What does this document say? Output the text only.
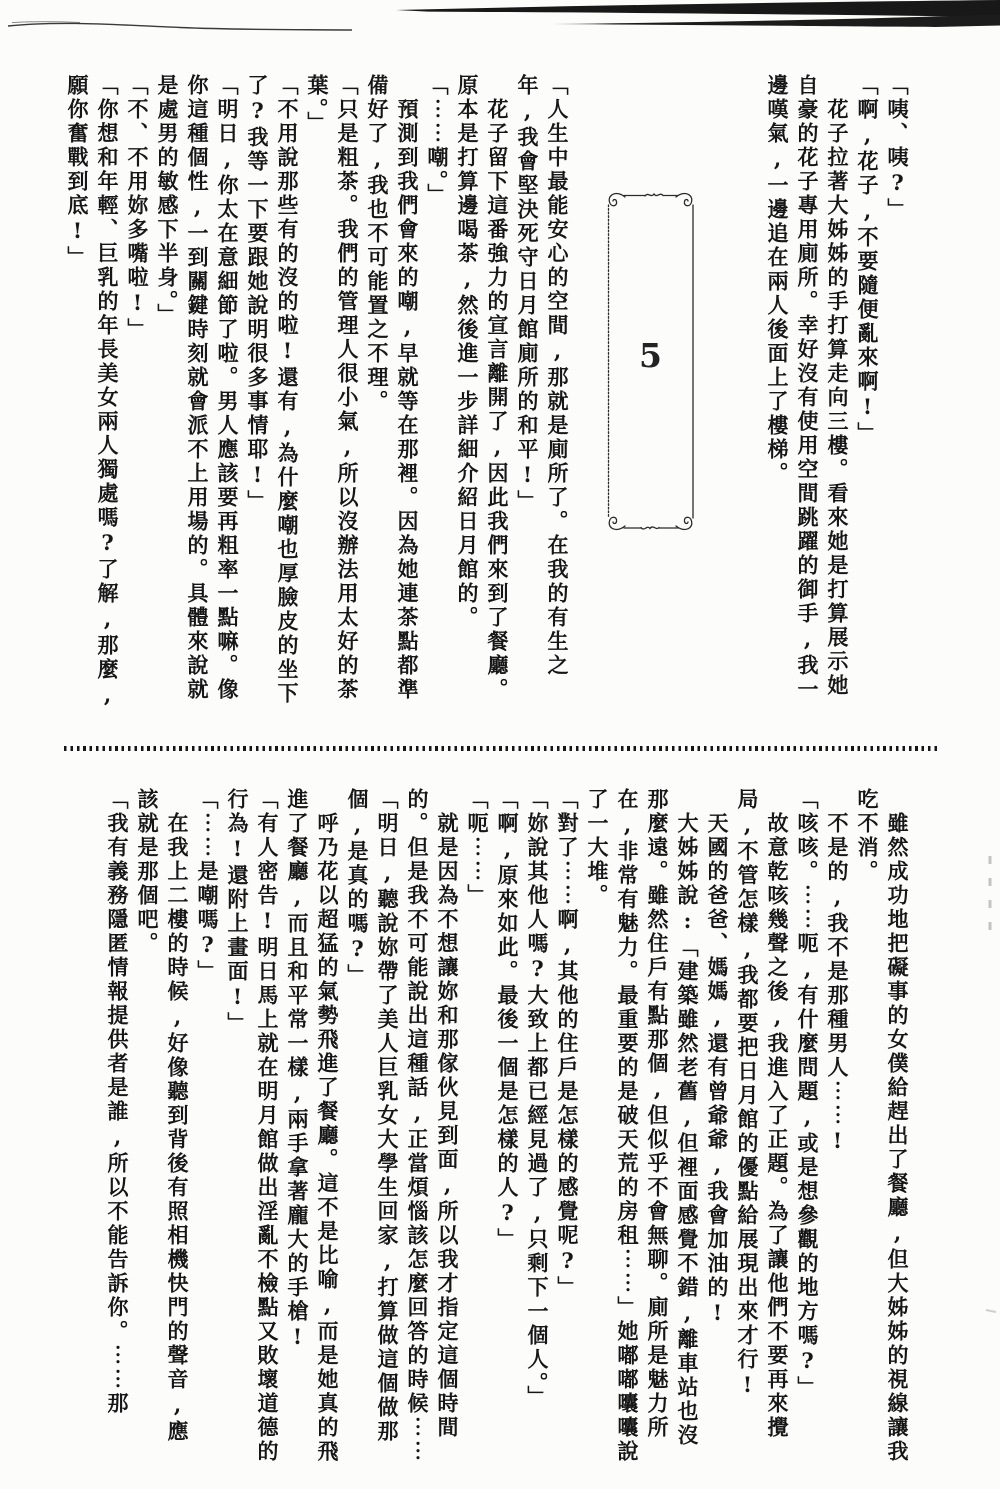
「咦、咦?」

「啊,花子,不要隨便亂來啊!」

花子拉著大姊姊的手打算走向三樓。看來她是打算展示她自豪的花子專用廁所。幸好沒有使用空間跳躍的御手,我一邊嘆氣,一邊追在兩人後面上了樓梯。

5

「人生中最能安心的空間,那就是廁所了。在我的有生之年,我會堅決死守日月館廁所的和平!」

花子留下這番強力的宣言離開了,因此我們來到了餐廳。原本是打算邊喝茶,然後進一步詳細介紹日月館的。

「⋯⋯嘲。」

預測到我們會來的嘲,早就等在那裡。因為她連茶點都準備好了,我也不可能置之不理。

「只是粗茶。我們的管理人很小氣,所以沒辦法用太好的茶葉。」

「不用說那些有的沒的啦!還有,為什麼嘲也厚臉皮的坐下了?我等一下要跟她說明很多事情耶!」

「明日,你太在意細節了啦。男人應該要再粗率一點嘛。像你這種個性,一到關鍵時刻就會派不上用場的。具體來說就是處男的敏感下半身。」

「不、不用妳多嘴啦!」

「你想和年輕、巨乳的年長美女兩人獨處嗎?了解,那麼,願你奮戰到底!」

雖然成功地把礙事的女僕給趕出了餐廳,但大姊姊的視線讓我吃不消。

不是的,我不是那種男人⋯⋯!

「咳咳。⋯⋯呃,有什麼問題,或是想參觀的地方嗎?」

故意乾咳幾聲之後,我進入了正題。為了讓他們不要再來攪局,不管怎樣,我都要把日月館的優點給展現出來才行!

天國的爸爸、媽媽,還有曾爺爺,我會加油的!

大姊姊說:「建築雖然老舊,但裡面感覺不錯,離車站也沒那麼遠。雖然住戶有點那個,但似乎不會無聊。廁所是魅力所在,非常有魅力。最重要的是破天荒的房租⋯⋯」她嘟嘟囔囔說了一大堆。

「對了⋯⋯啊,其他的住戶是怎樣的感覺呢?」

「妳說其他人嗎?大致上都已經見過了,只剩下一個人。」

「啊,原來如此。最後一個是怎樣的人?」

「呃⋯⋯」

就是因為不想讓妳和那傢伙見到面,所以我才指定這個時間的。但是我不可能說出這種話,正當煩惱該怎麼回答的時候⋯⋯

「明日,聽說妳帶了美人巨乳女大學生回家,打算做這個做那個,是真的嗎?」

呼乃花以超猛的氣勢飛進了餐廳。這不是比喻,而是她真的飛進了餐廳,而且和平常一樣,兩手拿著龐大的手槍!

「有人密告!明日馬上就在明月館做出淫亂不檢點又敗壞道德的行為!還附上畫面!」

「⋯⋯是嘲嗎?」

在我上二樓的時候,好像聽到背後有照相機快門的聲音,應該就是那個吧。

「我有義務隱匿情報提供者是誰,所以不能告訴你。⋯⋯那
